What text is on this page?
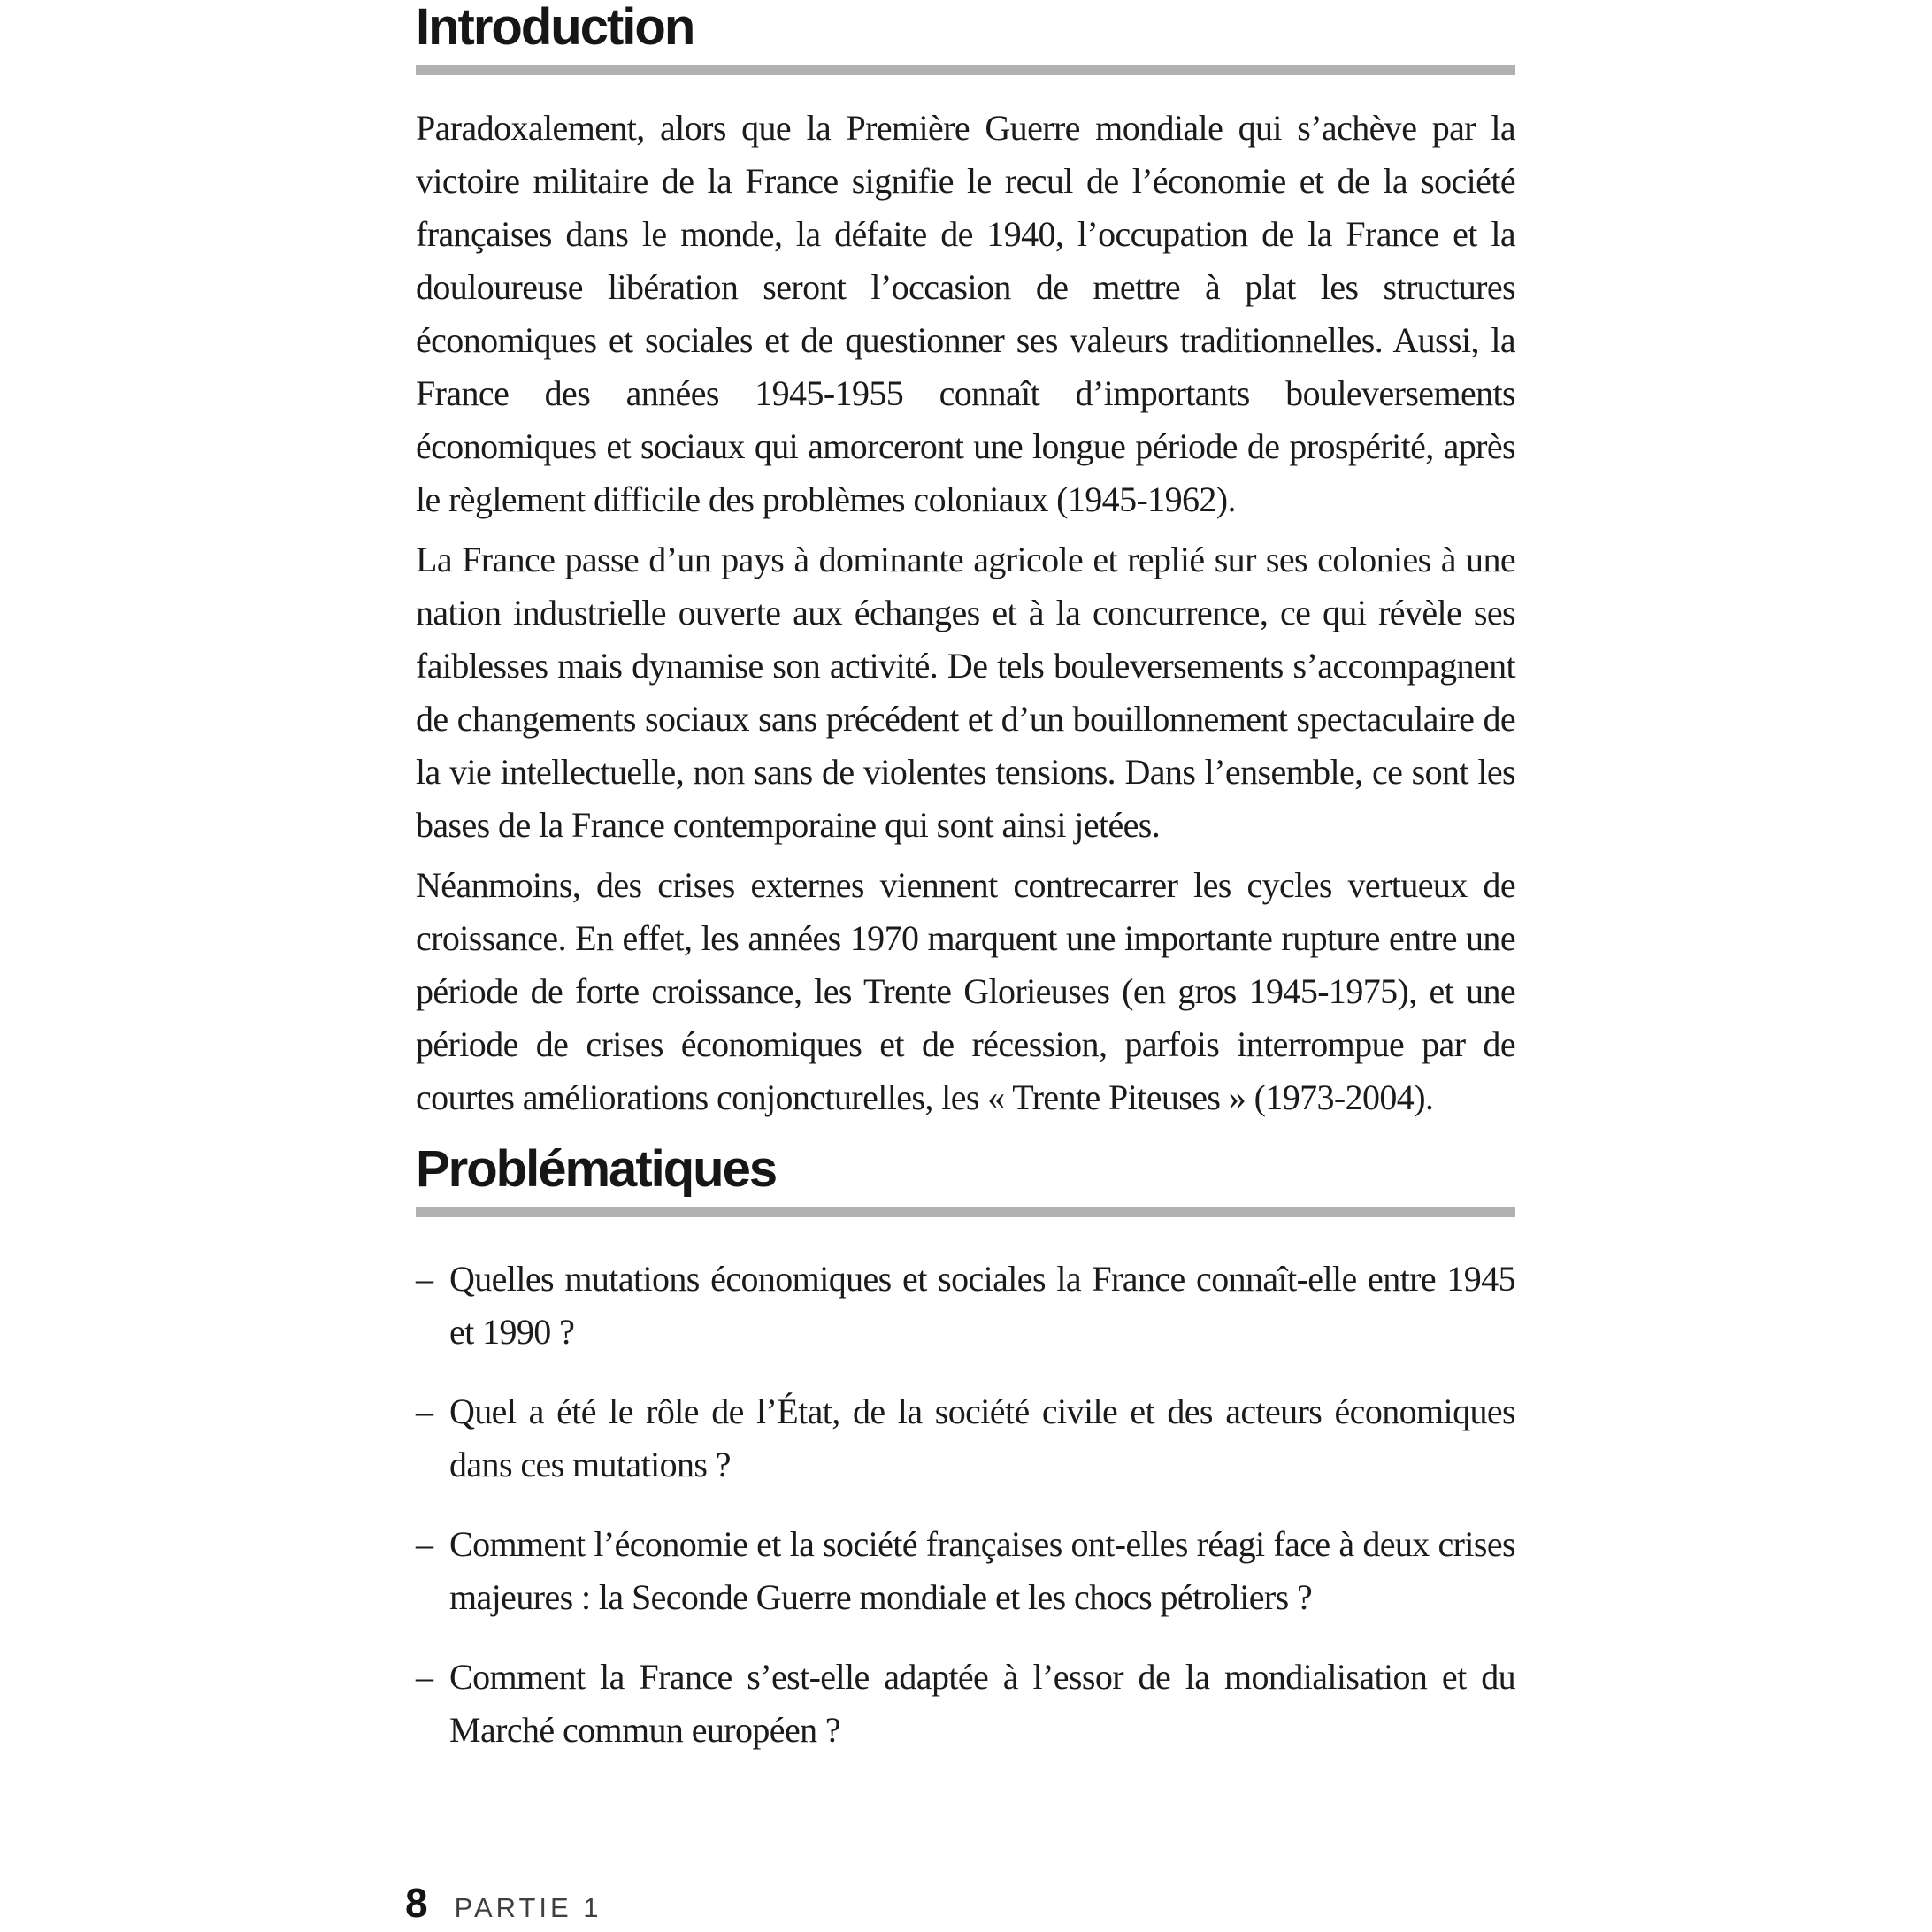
Introduction

Paradoxalement, alors que la Première Guerre mondiale qui s’achève par la victoire militaire de la France signifie le recul de l’économie et de la société françaises dans le monde, la défaite de 1940, l’occupation de la France et la douloureuse libération seront l’occasion de mettre à plat les structures économiques et sociales et de questionner ses valeurs traditionnelles. Aussi, la France des années 1945-1955 connaît d’importants bouleversements économiques et sociaux qui amorceront une longue période de prospérité, après le règlement difficile des problèmes coloniaux (1945-1962).

La France passe d’un pays à dominante agricole et replié sur ses colonies à une nation industrielle ouverte aux échanges et à la concurrence, ce qui révèle ses faiblesses mais dynamise son activité. De tels bouleversements s’accompagnent de changements sociaux sans précédent et d’un bouillonnement spectaculaire de la vie intellectuelle, non sans de violentes tensions. Dans l’ensemble, ce sont les bases de la France contemporaine qui sont ainsi jetées.

Néanmoins, des crises externes viennent contrecarrer les cycles vertueux de croissance. En effet, les années 1970 marquent une importante rupture entre une période de forte croissance, les Trente Glorieuses (en gros 1945-1975), et une période de crises économiques et de récession, parfois interrompue par de courtes améliorations conjoncturelles, les « Trente Piteuses » (1973-2004).

Problématiques
– Quelles mutations économiques et sociales la France connaît-elle entre 1945 et 1990 ?
– Quel a été le rôle de l’État, de la société civile et des acteurs économiques dans ces mutations ?
– Comment l’économie et la société françaises ont-elles réagi face à deux crises majeures : la Seconde Guerre mondiale et les chocs pétroliers ?
– Comment la France s’est-elle adaptée à l’essor de la mondialisation et du Marché commun européen ?
8 PARTIE 1
